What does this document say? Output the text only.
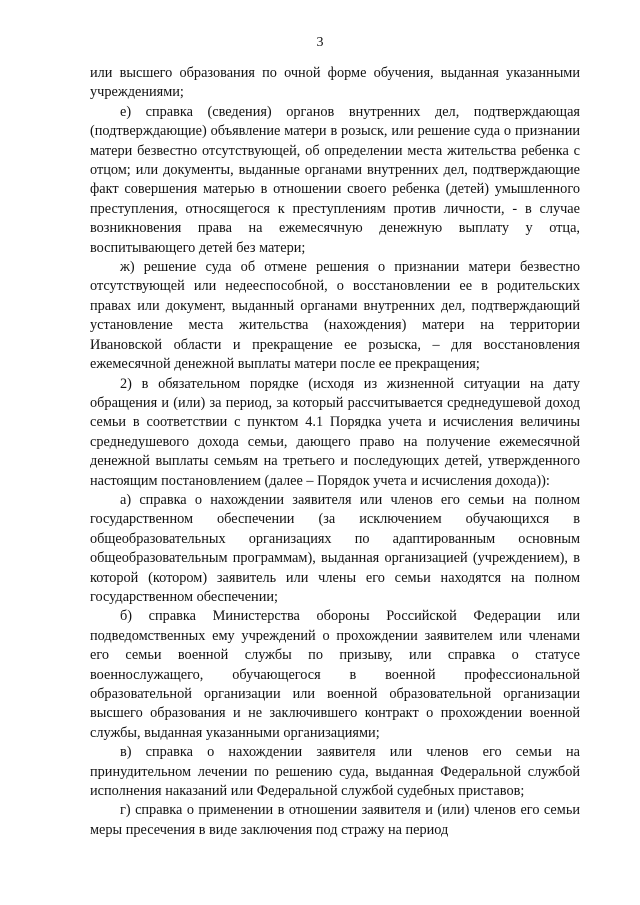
3

или высшего образования по очной форме обучения, выданная указанными учреждениями;

е) справка (сведения) органов внутренних дел, подтверждающая (подтверждающие) объявление матери в розыск, или решение суда о признании матери безвестно отсутствующей, об определении места жительства ребенка с отцом; или документы, выданные органами внутренних дел, подтверждающие факт совершения матерью в отношении своего ребенка (детей) умышленного преступления, относящегося к преступлениям против личности, - в случае возникновения права на ежемесячную денежную выплату у отца, воспитывающего детей без матери;

ж) решение суда об отмене решения о признании матери безвестно отсутствующей или недееспособной, о восстановлении ее в родительских правах или документ, выданный органами внутренних дел, подтверждающий установление места жительства (нахождения) матери на территории Ивановской области и прекращение ее розыска, – для восстановления ежемесячной денежной выплаты матери после ее прекращения;

2) в обязательном порядке (исходя из жизненной ситуации на дату обращения и (или) за период, за который рассчитывается среднедушевой доход семьи в соответствии с пунктом 4.1 Порядка учета и исчисления величины среднедушевого дохода семьи, дающего право на получение ежемесячной денежной выплаты семьям на третьего и последующих детей, утвержденного настоящим постановлением (далее – Порядок учета и исчисления дохода)):

а) справка о нахождении заявителя или членов его семьи на полном государственном обеспечении (за исключением обучающихся в общеобразовательных организациях по адаптированным основным общеобразовательным программам), выданная организацией (учреждением), в которой (котором) заявитель или члены его семьи находятся на полном государственном обеспечении;

б) справка Министерства обороны Российской Федерации или подведомственных ему учреждений о прохождении заявителем или членами его семьи военной службы по призыву, или справка о статусе военнослужащего, обучающегося в военной профессиональной образовательной организации или военной образовательной организации высшего образования и не заключившего контракт о прохождении военной службы, выданная указанными организациями;

в) справка о нахождении заявителя или членов его семьи на принудительном лечении по решению суда, выданная Федеральной службой исполнения наказаний или Федеральной службой судебных приставов;

г) справка о применении в отношении заявителя и (или) членов его семьи меры пресечения в виде заключения под стражу на период
